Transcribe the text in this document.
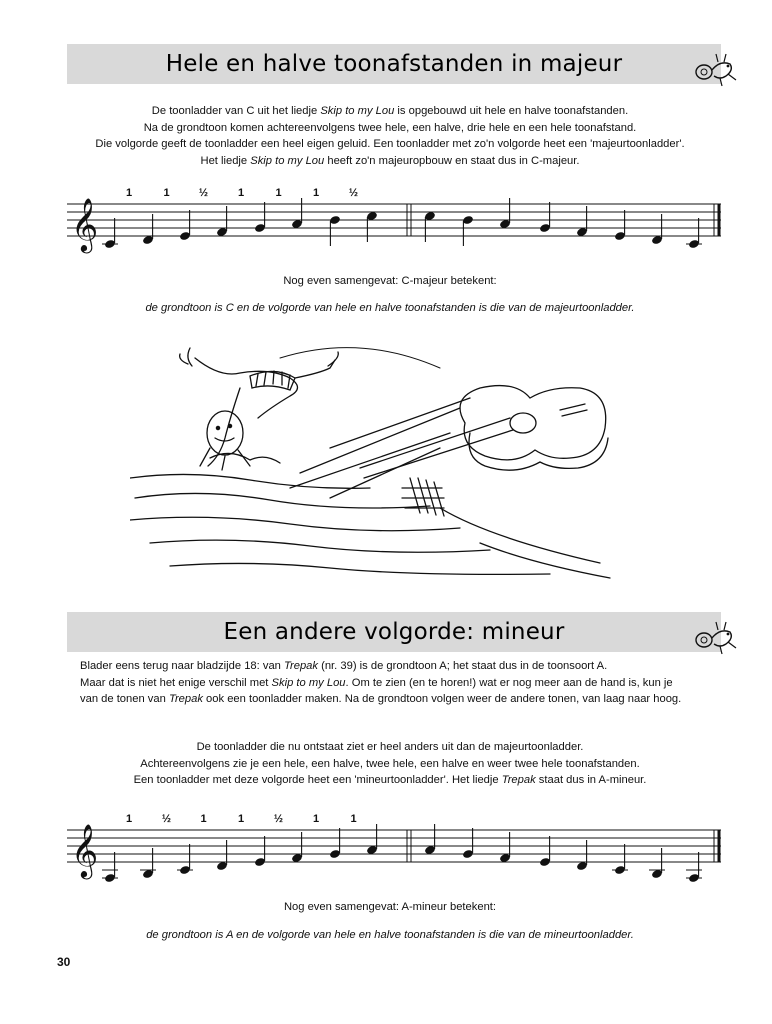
Hele en halve toonafstanden in majeur
De toonladder van C uit het liedje Skip to my Lou is opgebouwd uit hele en halve toonafstanden.
Na de grondtoon komen achtereenvolgens twee hele, een halve, drie hele en een hele toonafstand.
Die volgorde geeft de toonladder een heel eigen geluid. Een toonladder met zo'n volgorde heet een 'majeurtoonladder'.
Het liedje Skip to my Lou heeft zo'n majeuropbouw en staat dus in C-majeur.
𝄞
1	1	½	1	1	1	½

Nog even samengevat: C-majeur betekent:

de grondtoon is C en de volgorde van hele en halve toonafstanden is die van de majeurtoonladder.

Een andere volgorde: mineur
Blader eens terug naar bladzijde 18: van Trepak (nr. 39) is de grondtoon A; het staat dus in de toonsoort A.
Maar dat is niet het enige verschil met Skip to my Lou. Om te zien (en te horen!) wat er nog meer aan de hand is, kun je
van de tonen van Trepak ook een toonladder maken. Na de grondtoon volgen weer de andere tonen, van laag naar hoog.
De toonladder die nu ontstaat ziet er heel anders uit dan de majeurtoonladder.
Achtereenvolgens zie je een hele, een halve, twee hele, een halve en weer twee hele toonafstanden.
Een toonladder met deze volgorde heet een 'mineurtoonladder'. Het liedje Trepak staat dus in A-mineur.
𝄞
1	½	1	1	½	1	1

Nog even samengevat: A-mineur betekent:

de grondtoon is A en de volgorde van hele en halve toonafstanden is die van de mineurtoonladder.

30
